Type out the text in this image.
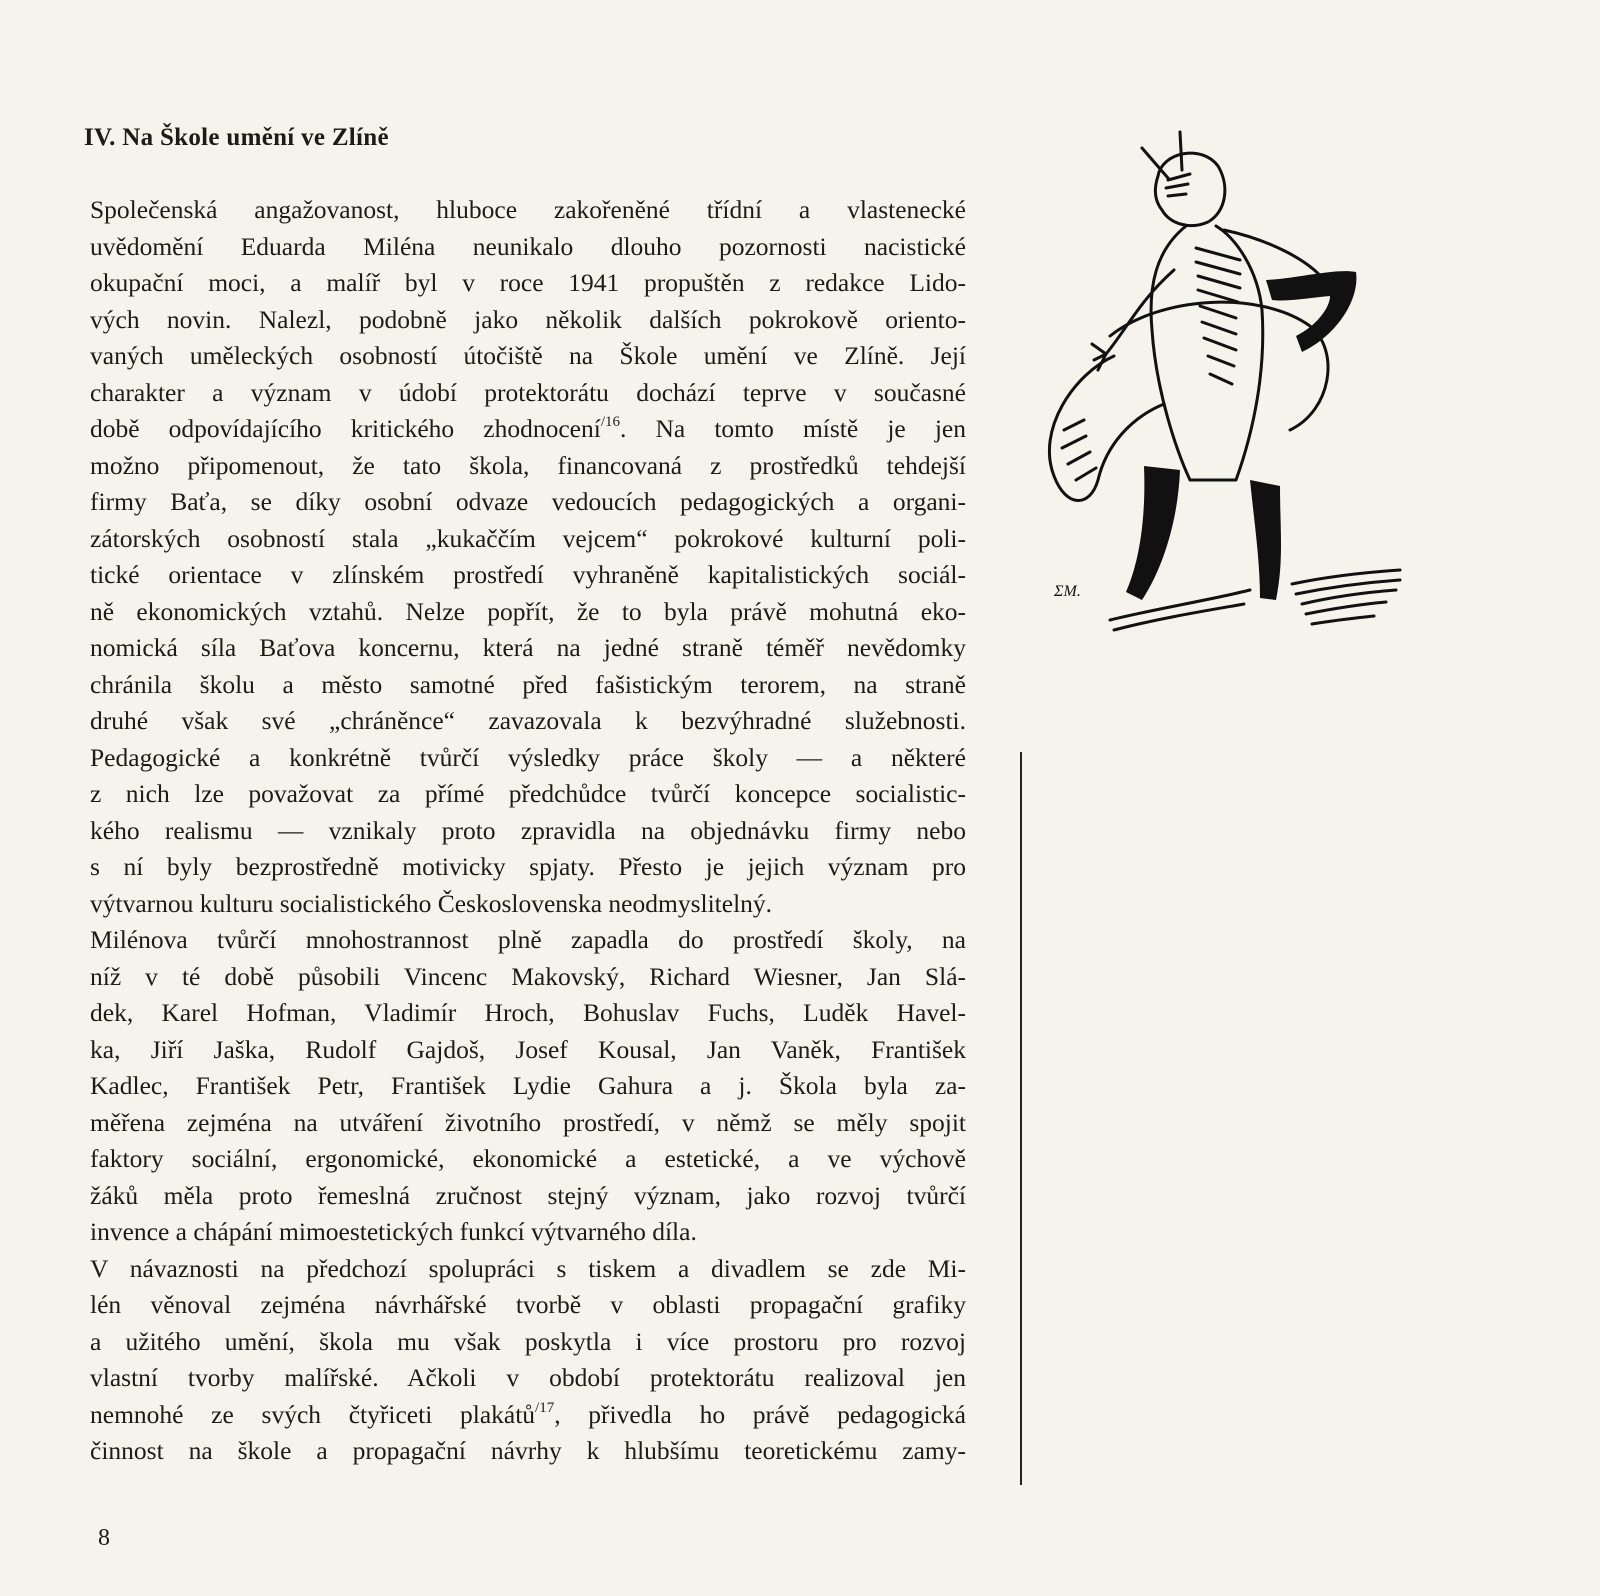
IV. Na Škole umění ve Zlíně
Společenská angažovanost, hluboce zakořeněné třídní a vlastenecké
uvědomění Eduarda Miléna neunikalo dlouho pozornosti nacistické
okupační moci, a malíř byl v roce 1941 propuštěn z redakce Lido-
vých novin. Nalezl, podobně jako několik dalších pokrokově oriento-
vaných uměleckých osobností útočiště na Škole umění ve Zlíně. Její
charakter a význam v údobí protektorátu dochází teprve v současné
době odpovídajícího kritického zhodnocení$^{/16}$. Na tomto místě je jen
možno připomenout, že tato škola, financovaná z prostředků tehdejší
firmy Baťa, se díky osobní odvaze vedoucích pedagogických a organi-
zátorských osobností stala „kukaččím vejcem“ pokrokové kulturní poli-
tické orientace v zlínském prostředí vyhraněně kapitalistických sociál-
ně ekonomických vztahů. Nelze popřít, že to byla právě mohutná eko-
nomická síla Baťova koncernu, která na jedné straně téměř nevědomky
chránila školu a město samotné před fašistickým terorem, na straně
druhé však své „chráněnce“ zavazovala k bezvýhradné služebnosti.
Pedagogické a konkrétně tvůrčí výsledky práce školy — a některé
z nich lze považovat za přímé předchůdce tvůrčí koncepce socialistic-
kého realismu — vznikaly proto zpravidla na objednávku firmy nebo
s ní byly bezprostředně motivicky spjaty. Přesto je jejich význam pro
výtvarnou kulturu socialistického Československa neodmyslitelný.
Milénova tvůrčí mnohostrannost plně zapadla do prostředí školy, na
níž v té době působili Vincenc Makovský, Richard Wiesner, Jan Slá-
dek, Karel Hofman, Vladimír Hroch, Bohuslav Fuchs, Luděk Havel-
ka, Jiří Jaška, Rudolf Gajdoš, Josef Kousal, Jan Vaněk, František
Kadlec, František Petr, František Lydie Gahura a j. Škola byla za-
měřena zejména na utváření životního prostředí, v němž se měly spojit
faktory sociální, ergonomické, ekonomické a estetické, a ve výchově
žáků měla proto řemeslná zručnost stejný význam, jako rozvoj tvůrčí
invence a chápání mimoestetických funkcí výtvarného díla.
V návaznosti na předchozí spolupráci s tiskem a divadlem se zde Mi-
lén věnoval zejména návrhářské tvorbě v oblasti propagační grafiky
a užitého umění, škola mu však poskytla i více prostoru pro rozvoj
vlastní tvorby malířské. Ačkoli v období protektorátu realizoval jen
nemnohé ze svých čtyřiceti plakátů$^{/17}$, přivedla ho právě pedagogická
činnost na škole a propagační návrhy k hlubšímu teoretickému zamy-
ΣΜ.
8
